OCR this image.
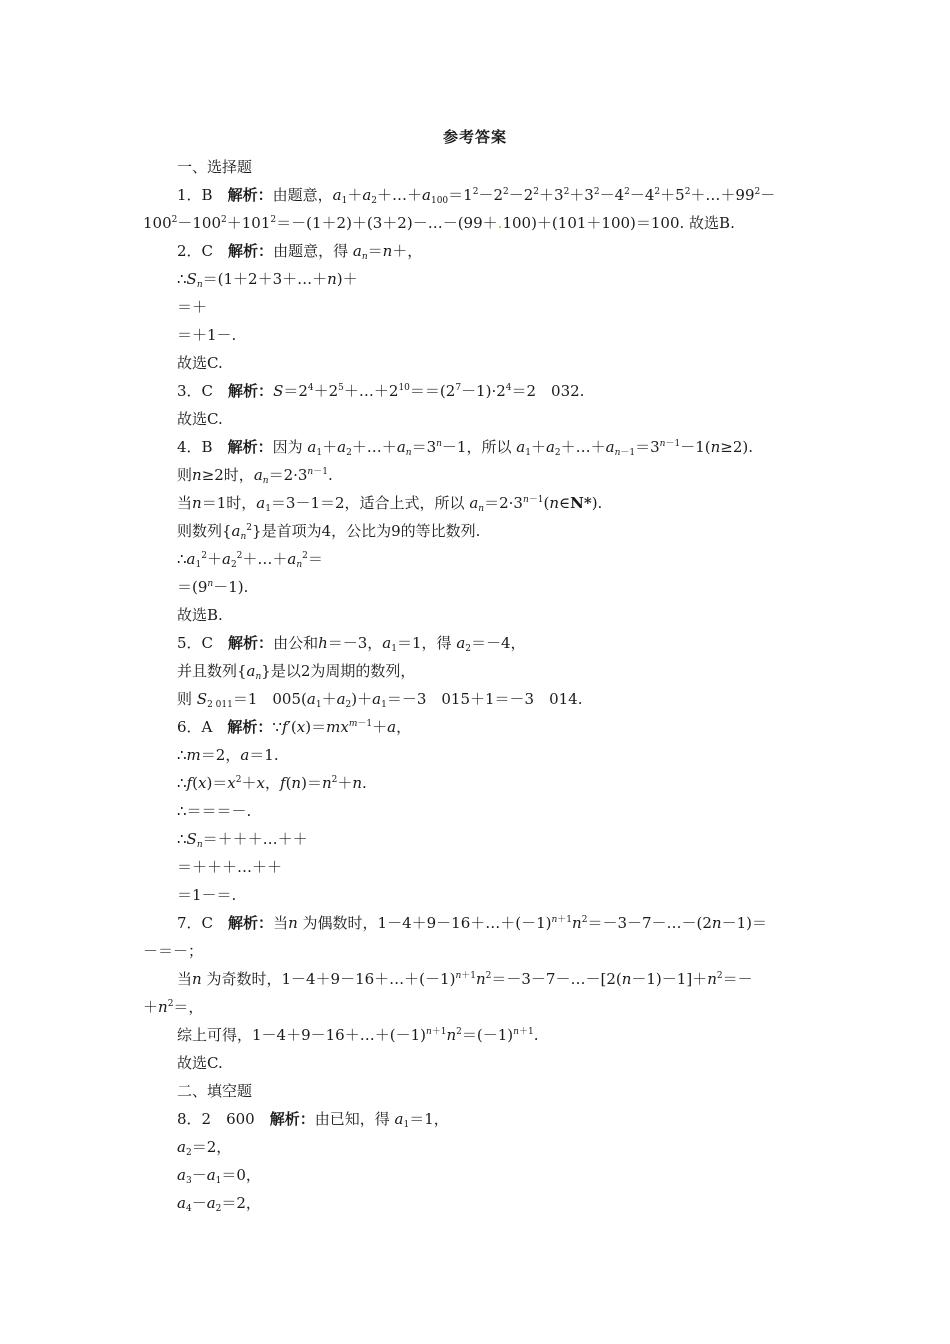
参考答案
一、选择题
1．B　 解析：由题意，$a_1+a_2+\dots+a_{100}=1^2-2^2-2^2+3^2+3^2-4^2-4^2+5^2+\dots+99^2-$
$100^2-100^2+101^2=-(1+2)+(3+2)-\dots-(99+.100)+(101+100)=100$. 故选B.
2．C　 解析：由题意，得 $a_n=n+$，
$\therefore S_n=(1+2+3+\dots+n)+$
＝＋
＝＋1－.
故选C.
3．C　 解析：$S=2^4+2^5+\dots+2^{10}==(2^7-1)\cdot 2^4=2$　032.
故选C.
4．B　 解析：因为 $a_1+a_2+\dots+a_n=3^n-1$，所以 $a_1+a_2+\dots+a_{n-1}=3^{n-1}-1(n\ge 2)$.
则n≥2时，$a_n=2\cdot 3^{n-1}$.
当n＝1时，$a_1=3-1=2$，适合上式，所以 $a_n=2\cdot 3^{n-1}(n\in N*)$.
则数列$\{a_n^2\}$是首项为4，公比为9的等比数列.
$\therefore a_1^2+a_2^2+\dots+a_n^2=$
$=(9^n-1)$.
故选B.
5．C　 解析：由公和h＝－3，$a_1=1$，得 $a_2=-4$，
并且数列$\{a_n\}$是以2为周期的数列，
则 $S_{2 011}=1$　$005(a_1+a_2)+a_1=-3$　015＋1＝－3　014.
6．A　 解析：$\because f'(x)=mx^{m-1}+a$，
∴m＝2，a＝1.
$\therefore f(x)=x^2+x$，$f(n)=n^2+n$.
∴＝＝＝－.
$\therefore S_n=+++\dots++$
＝＋＋＋…＋＋
＝1－＝.
7．C　 解析：当n 为偶数时，$1-4+9-16+\dots+(-1)^{n+1}n^2=-3-7-\dots-(2n-1)=$
－＝－；
当n 为奇数时，$1-4+9-16+\dots+(-1)^{n+1}n^2=-3-7-\dots-[2(n-1)-1]+n^2=-$
$+n^2=$，
综上可得，$1-4+9-16+\dots+(-1)^{n+1}n^2=(-1)^{n+1}$.
故选C.
二、填空题
8．2　600　 解析：由已知，得 $a_1=1$，
$a_2=2$，
$a_3-a_1=0$，
$a_4-a_2=2$，
